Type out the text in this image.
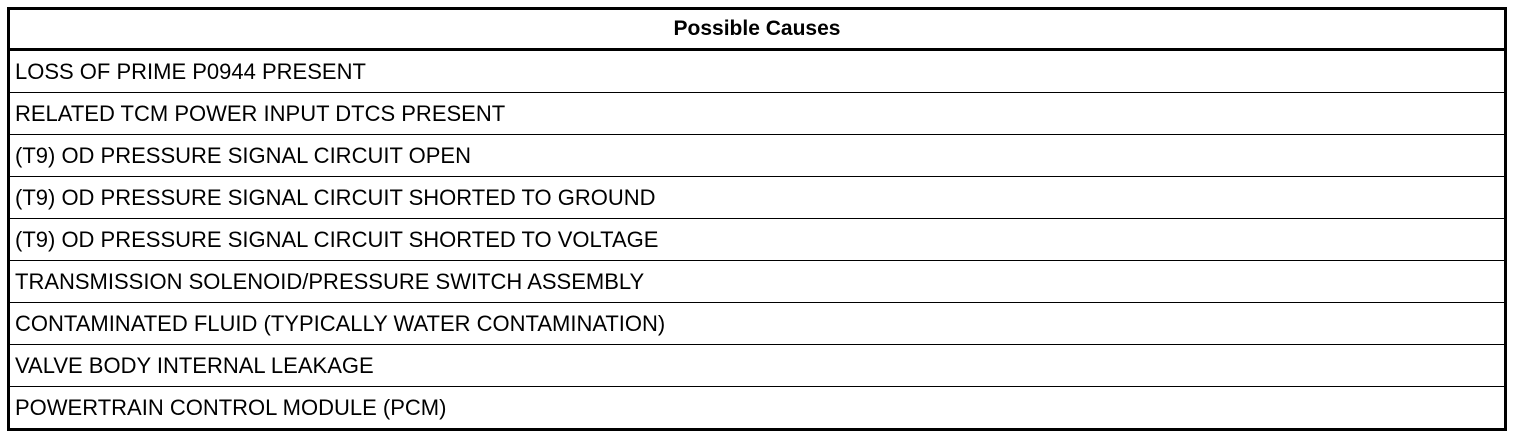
Possible Causes
LOSS OF PRIME P0944 PRESENT
RELATED TCM POWER INPUT DTCS PRESENT
(T9) OD PRESSURE SIGNAL CIRCUIT OPEN
(T9) OD PRESSURE SIGNAL CIRCUIT SHORTED TO GROUND
(T9) OD PRESSURE SIGNAL CIRCUIT SHORTED TO VOLTAGE
TRANSMISSION SOLENOID/PRESSURE SWITCH ASSEMBLY
CONTAMINATED FLUID (TYPICALLY WATER CONTAMINATION)
VALVE BODY INTERNAL LEAKAGE
POWERTRAIN CONTROL MODULE (PCM)
